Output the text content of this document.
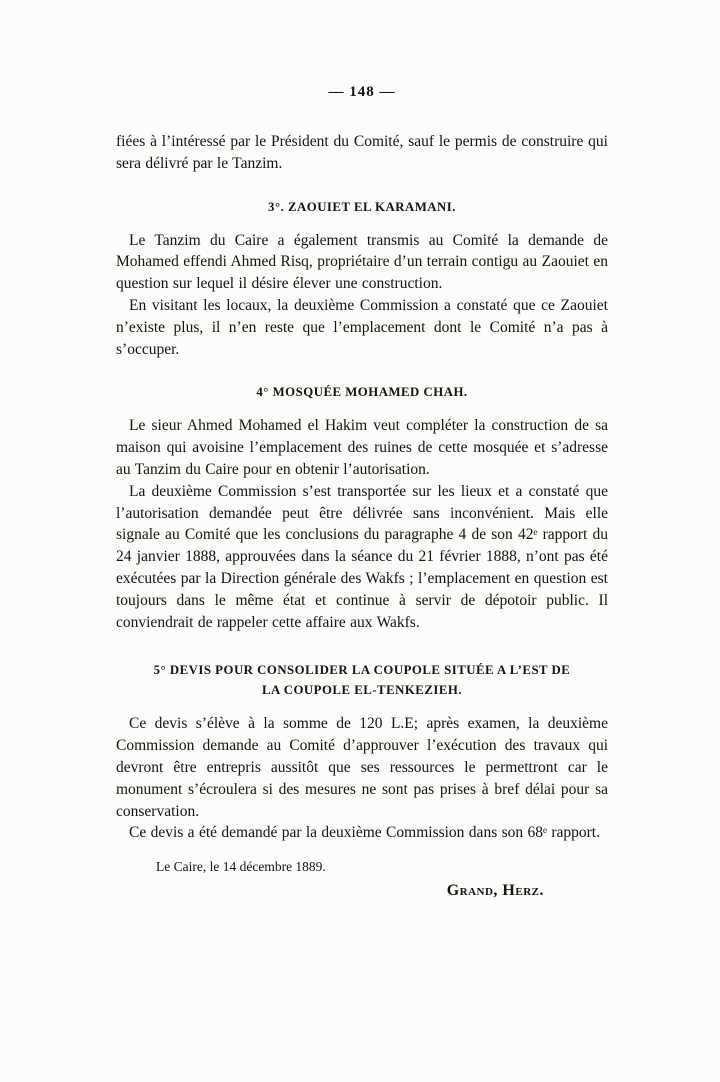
— 148 —

fiées à l’intéressé par le Président du Comité, sauf le permis de construire qui sera délivré par le Tanzim.

3°. ZAOUIET EL KARAMANI.

Le Tanzim du Caire a également transmis au Comité la demande de Mohamed effendi Ahmed Risq, propriétaire d’un terrain contigu au Zaouiet en question sur lequel il désire élever une construction.

En visitant les locaux, la deuxième Commission a constaté que ce Zaouiet n’existe plus, il n’en reste que l’emplacement dont le Comité n’a pas à s’occuper.

4° MOSQUÉE MOHAMED CHAH.

Le sieur Ahmed Mohamed el Hakim veut compléter la construction de sa maison qui avoisine l’emplacement des ruines de cette mosquée et s’adresse au Tanzim du Caire pour en obtenir l’autorisation.

La deuxième Commission s’est transportée sur les lieux et a constaté que l’autorisation demandée peut être délivrée sans inconvénient. Mais elle signale au Comité que les conclusions du paragraphe 4 de son 42ᵉ rapport du 24 janvier 1888, approuvées dans la séance du 21 février 1888, n’ont pas été exécutées par la Direction générale des Wakfs ; l’emplacement en question est toujours dans le même état et continue à servir de dépotoir public. Il conviendrait de rappeler cette affaire aux Wakfs.

5° DEVIS POUR CONSOLIDER LA COUPOLE SITUÉE A L’EST DE LA COUPOLE EL-TENKEZIEH.

Ce devis s’élève à la somme de 120 L.E; après examen, la deuxième Commission demande au Comité d’approuver l’exécution des travaux qui devront être entrepris aussitôt que ses ressources le permettront car le monument s’écroulera si des mesures ne sont pas prises à bref délai pour sa conservation.

Ce devis a été demandé par la deuxième Commission dans son 68ᵉ rapport.

Le Caire, le 14 décembre 1889.
Grand, Herz.
